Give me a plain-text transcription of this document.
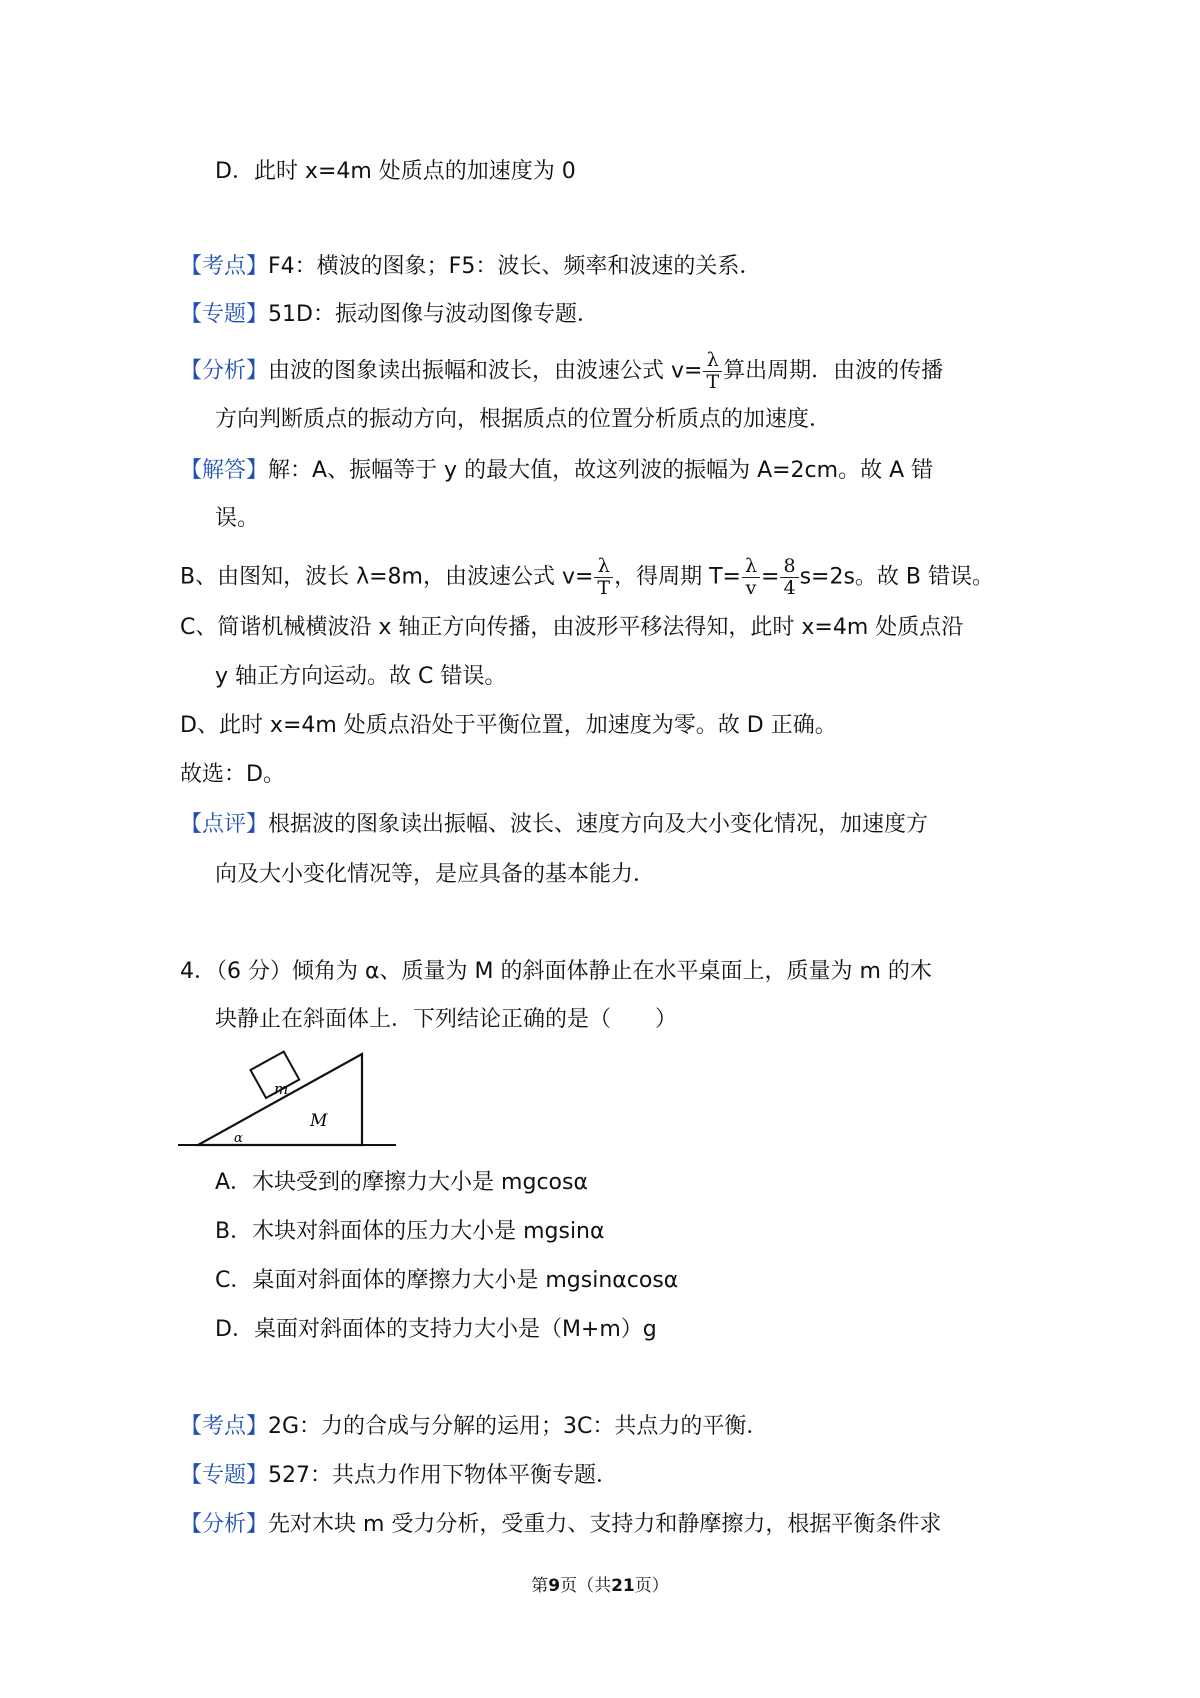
D．此时 x=4m 处质点的加速度为 0
【考点】F4：横波的图象；F5：波长、频率和波速的关系．
【专题】51D：振动图像与波动图像专题．
【分析】由波的图象读出振幅和波长，由波速公式 $v= \frac{\lambda}{T}$ 算出周期．由波的传播
方向判断质点的振动方向，根据质点的位置分析质点的加速度．
【解答】解：A、振幅等于 y 的最大值，故这列波的振幅为 A=2cm。故 A 错
误。
B、由图知，波长 λ=8m，由波速公式 $v= \frac{\lambda}{T}$ ，得周期 $T= \frac{\lambda}{v} = \frac{8}{4} s=2s$。故 B 错误。
C、简谐机械横波沿 x 轴正方向传播，由波形平移法得知，此时 x=4m 处质点沿
y 轴正方向运动。故 C 错误。
D、此时 x=4m 处质点沿处于平衡位置，加速度为零。故 D 正确。
故选：D。
【点评】根据波的图象读出振幅、波长、速度方向及大小变化情况，加速度方
向及大小变化情况等，是应具备的基本能力．
4．（6 分）倾角为 α、质量为 M 的斜面体静止在水平桌面上，质量为 m 的木
块静止在斜面体上．下列结论正确的是（　　）
m
M
α
A．木块受到的摩擦力大小是 mgcosα
B．木块对斜面体的压力大小是 mgsinα
C．桌面对斜面体的摩擦力大小是 mgsinαcosα
D．桌面对斜面体的支持力大小是（M+m）g
【考点】2G：力的合成与分解的运用；3C：共点力的平衡．
【专题】527：共点力作用下物体平衡专题．
【分析】先对木块 m 受力分析，受重力、支持力和静摩擦力，根据平衡条件求
第9页（共21页）
